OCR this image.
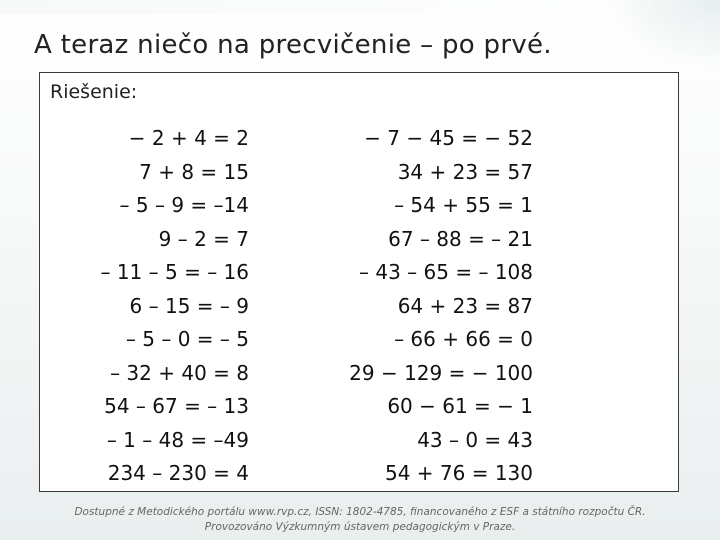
A teraz niečo na precvičenie – po prvé.
Riešenie:
− 2 + 4 = 2
7 + 8 = 15
– 5 – 9 = –14
9 – 2 = 7
– 11 – 5 = – 16
6 – 15 = – 9
– 5 – 0 = – 5
– 32 + 40 = 8
54 – 67 = – 13
– 1 – 48 = –49
234 – 230 = 4
− 7 − 45 = − 52
34 + 23 = 57
– 54 + 55 = 1
67 – 88 = – 21
– 43 – 65 = – 108
64 + 23 = 87
– 66 + 66 = 0
29 − 129 = − 100
60 − 61 = − 1
43 – 0 = 43
54 + 76 = 130
Dostupné z Metodického portálu www.rvp.cz, ISSN: 1802-4785, financovaného z ESF a státního rozpočtu ČR.
Provozováno Výzkumným ústavem pedagogickým v Praze.
